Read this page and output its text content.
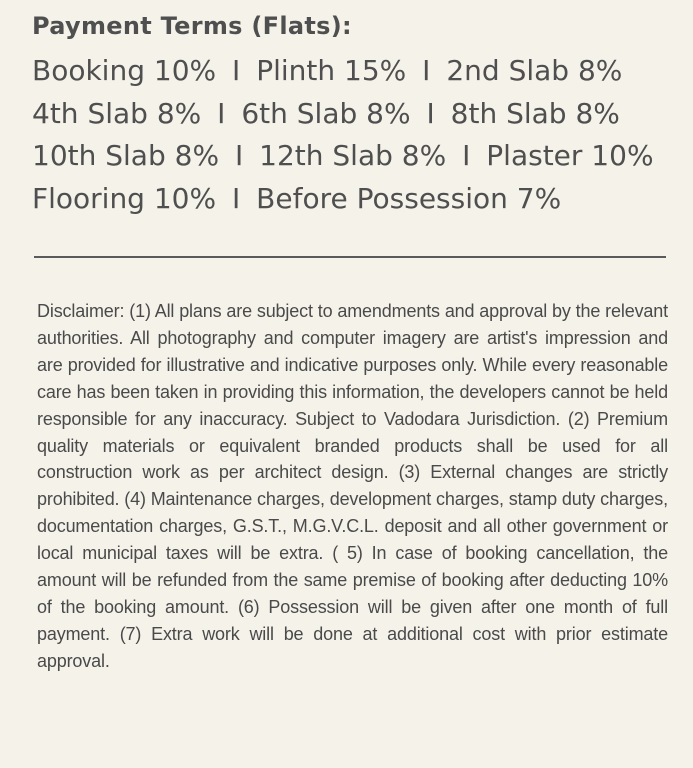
Payment Terms (Flats):
Booking 10% I Plinth 15% I 2nd Slab 8%
4th Slab 8% I 6th Slab 8% I 8th Slab 8%
10th Slab 8% I 12th Slab 8% I Plaster 10%
Flooring 10% I Before Possession 7%

Disclaimer: (1) All plans are subject to amendments and approval by the relevant authorities. All photography and computer imagery are artist's impression and are provided for illustrative and indicative purposes only. While every reasonable care has been taken in providing this information, the developers cannot be held responsible for any inaccuracy. Subject to Vadodara Jurisdiction. (2) Premium quality materials or equivalent branded products shall be used for all construction work as per architect design. (3) External changes are strictly prohibited. (4) Maintenance charges, development charges, stamp duty charges, documentation charges, G.S.T., M.G.V.C.L. deposit and all other government or local municipal taxes will be extra. ( 5) In case of booking cancellation, the amount will be refunded from the same premise of booking after deducting 10% of the booking amount. (6) Possession will be given after one month of full payment. (7) Extra work will be done at additional cost with prior estimate approval.
